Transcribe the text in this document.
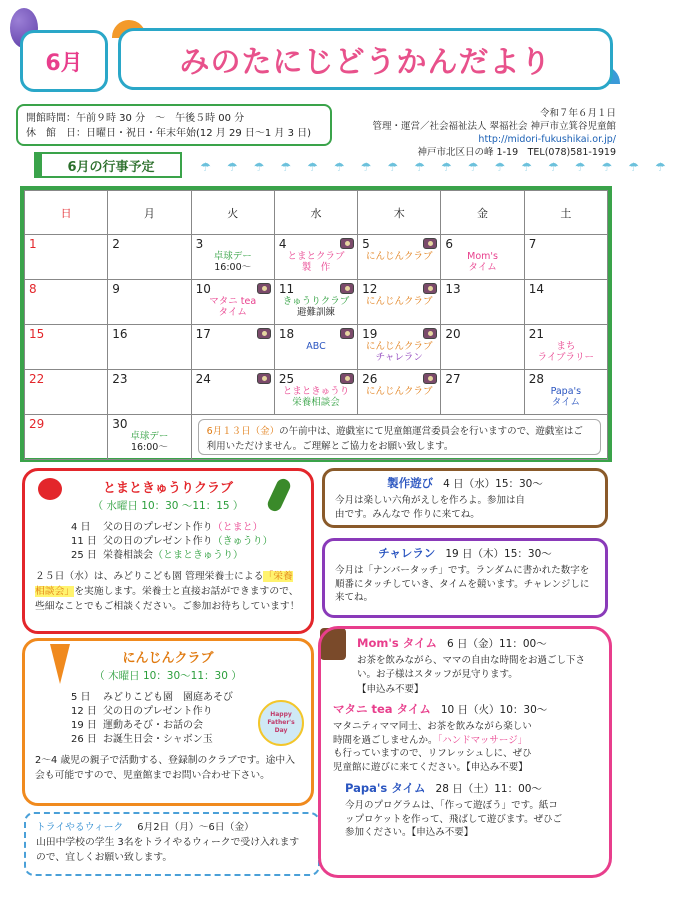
6月	みのたにじどうかんだより
開館時間：午前９時 30 分　～　午後５時 00 分
休　館　日：日曜日・祝日・年末年始(12 月 29 日～1 月 3 日)
令和７年６月１日
管理・運営／社会福祉法人 翠福社会 神戸市立箕谷児童館
http://midori-fukushikai.or.jp/
神戸市北区日の峰 1-19　TEL(078)581-1919
6月の行事予定	☂☂☂☂☂☂☂☂☂☂☂☂☂☂☂☂☂☂
日	月	火	水	木	金	土

1	2	3
卓球デー
16:00～	4
とまとクラブ
製　作	5
にんじんクラブ	6
Mom's
タイム	7

8	9	10
マタニ tea
タイム	11
きゅうりクラブ
避難訓練	12
にんじんクラブ	13	14

15	16	17	18
ABC	19
にんじんクラブ
チャレラン	20	21
まち
ライブラリー

22	23	24	25
とまときゅうり
栄養相談会	26
にんじんクラブ	27	28
Papa's
タイム

29	30
卓球デー
16:00～	6月１３日（金）の午前中は、遊戯室にて児童館運営委員会を行いますので、遊戯室はご利用いただけません。ご理解とご協力をお願い致します。				
とまときゅうりクラブ
（ 水曜日 10：30 ～11：15 ）
4 日 父の日のプレゼント作り（とまと）
11 日 父の日のプレゼント作り（きゅうり）
25 日 栄養相談会（とまときゅうり）
２５日（水）は、みどりこども園 管理栄養士による「栄養相談会」を実施します。栄養士と直接お話ができますので、些細なことでもご相談ください。ご参加お待ちしています！
にんじんクラブ
（ 木曜日 10：30～11：30 ）
5 日 みどりこども園　園庭あそび
12 日 父の日のプレゼント作り
19 日 運動あそび・お話の会
26 日 お誕生日会・シャボン玉
2～4 歳児の親子で活動する、登録制のクラブです。途中入会も可能ですので、児童館までお問い合わせ下さい。
Happy Father's Day
トライやるウィーク 6月2日（月）～6日（金）
山田中学校の学生 3名をトライやるウィークで受け入れますので、宜しくお願い致します。
製作遊び 4 日（水）15：30～
今月は楽しい六角がえしを作ろよ。参加は自由です。みんなで 作りに来てね。
チャレラン 19 日（木）15：30～
今月は「ナンバータッチ」です。ランダムに書かれた数字を順番にタッチしていき、タイムを競います。チャレンジしに来てね。
Mom's タイム 6 日（金）11：00～
お茶を飲みながら、ママの自由な時間をお過ごし下さい。お子様はスタッフが見守ります。
【申込み不要】
マタニ tea タイム 10 日（火）10：30～
マタニティママ同士、お茶を飲みながら楽しい時間を過ごしませんか。「ハンドマッサージ」も行っていますので、リフレッシュしに、ぜひ児童館に遊びに来てください。【申込み不要】
Papa's タイム 28 日（土）11：00～
今月のプログラムは、「作って遊ぼう」です。紙コップロケットを作って、飛ばして遊びます。ぜひご参加ください。【申込み不要】
